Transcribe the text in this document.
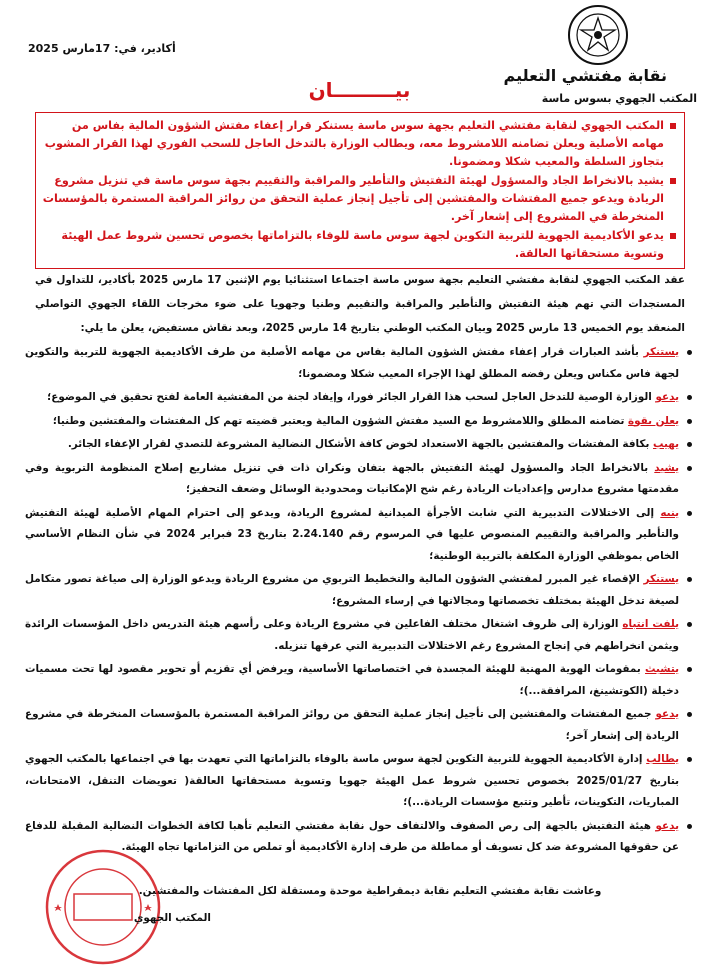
أكادير، في: 17مارس 2025
نقابة مفتشي التعليم
المكتب الجهوي بسوس ماسة
بيـــــــــان
المكتب الجهوي لنقابة مفتشي التعليم بجهة سوس ماسة يستنكر قرار إعفاء مفتش الشؤون المالية بفاس من مهامه الأصلية ويعلن تضامنه اللامشروط معه، ويطالب الوزارة بالتدخل العاجل للسحب الفوري لهذا القرار المشوب بتجاوز السلطة والمعيب شكلا ومضمونا.
يشيد بالانخراط الجاد والمسؤول لهيئة التفتيش والتأطير والمراقبة والتقييم بجهة سوس ماسة في تنزيل مشروع الريادة ويدعو جميع المفتشات والمفتشين إلى تأجيل إنجاز عملية التحقق من روائز المراقبة المستمرة بالمؤسسات المنخرطة في المشروع إلى إشعار آخر.
يدعو الأكاديمية الجهوية للتربية التكوين لجهة سوس ماسة للوفاء بالتزاماتها بخصوص تحسين شروط عمل الهيئة وتسوية مستحقاتها العالقة.
عقد المكتب الجهوي لنقابة مفتشي التعليم بجهة سوس ماسة اجتماعا استثنائيا يوم الإثنين 17 مارس 2025 بأكادير، للتداول في المستجدات التي تهم هيئة التفتيش والتأطير والمراقبة والتقييم وطنيا وجهويا على ضوء مخرجات اللقاء الجهوي التواصلي المنعقد يوم الخميس 13 مارس 2025 وبيان المكتب الوطني بتاريخ 14 مارس 2025، وبعد نقاش مستفيض، يعلن ما يلي:
يستنكر بأشد العبارات قرار إعفاء مفتش الشؤون المالية بفاس من مهامه الأصلية من طرف الأكاديمية الجهوية للتربية والتكوين لجهة فاس مكناس ويعلن رفضه المطلق لهذا الإجراء المعيب شكلا ومضمونا؛
يدعو الوزارة الوصية للتدخل العاجل لسحب هذا القرار الجائر فورا، وإيفاد لجنة من المفتشية العامة لفتح تحقيق في الموضوع؛
يعلن بقوة تضامنه المطلق واللامشروط مع السيد مفتش الشؤون المالية ويعتبر قضيته تهم كل المفتشات والمفتشين وطنيا؛
يهيب بكافة المفتشات والمفتشين بالجهة الاستعداد لخوض كافة الأشكال النضالية المشروعة للتصدي لقرار الإعفاء الجائر.
يشيد بالانخراط الجاد والمسؤول لهيئة التفتيش بالجهة بتفان ونكران ذات في تنزيل مشاريع إصلاح المنظومة التربوية وفي مقدمتها مشروع مدارس وإعداديات الريادة رغم شح الإمكانيات ومحدودية الوسائل وضعف التحفيز؛
ينبه إلى الاختلالات التدبيرية التي شابت الأجرأة الميدانية لمشروع الريادة، ويدعو إلى احترام المهام الأصلية لهيئة التفتيش والتأطير والمراقبة والتقييم المنصوص عليها في المرسوم رقم 2.24.140 بتاريخ 23 فبراير 2024 في شأن النظام الأساسي الخاص بموظفي الوزارة المكلفة بالتربية الوطنية؛
يستنكر الإقصاء غير المبرر لمفتشي الشؤون المالية والتخطيط التربوي من مشروع الريادة ويدعو الوزارة إلى صياغة تصور متكامل لصيغة تدخل الهيئة بمختلف تخصصاتها ومجالاتها في إرساء المشروع؛
يلفت انتباه الوزارة إلى ظروف اشتغال مختلف الفاعلين في مشروع الريادة وعلى رأسهم هيئة التدريس داخل المؤسسات الرائدة ويثمن انخراطهم في إنجاح المشروع رغم الاختلالات التدبيرية التي عرفها تنزيله.
يتشبث بمقومات الهوية المهنية للهيئة المجسدة في اختصاصاتها الأساسية، ويرفض أي تقزيم أو تحوير مقصود لها تحت مسميات دخيلة (الكوتشينغ، المرافقة...)؛
يدعو جميع المفتشات والمفتشين إلى تأجيل إنجاز عملية التحقق من روائز المراقبة المستمرة بالمؤسسات المنخرطة في مشروع الريادة إلى إشعار آخر؛
يطالب إدارة الأكاديمية الجهوية للتربية التكوين لجهة سوس ماسة بالوفاء بالتزاماتها التي تعهدت بها في اجتماعها بالمكتب الجهوي بتاريخ 2025/01/27 بخصوص تحسين شروط عمل الهيئة جهويا وتسوية مستحقاتها العالقة( تعويضات التنقل، الامتحانات، المباريات، التكوينات، تأطير وتتبع مؤسسات الريادة...)؛
يدعو هيئة التفتيش بالجهة إلى رص الصفوف والالتفاف حول نقابة مفتشي التعليم تأهبا لكافة الخطوات النضالية المقبلة للدفاع عن حقوقها المشروعة ضد كل تسويف أو مماطلة من طرف إدارة الأكاديمية أو تملص من التزاماتها تجاه الهيئة.
وعاشت نقابة مفتشي التعليم نقابة ديمقراطية موحدة ومستقلة لكل المفتشات والمفتشين.
المكتب الجهوي
